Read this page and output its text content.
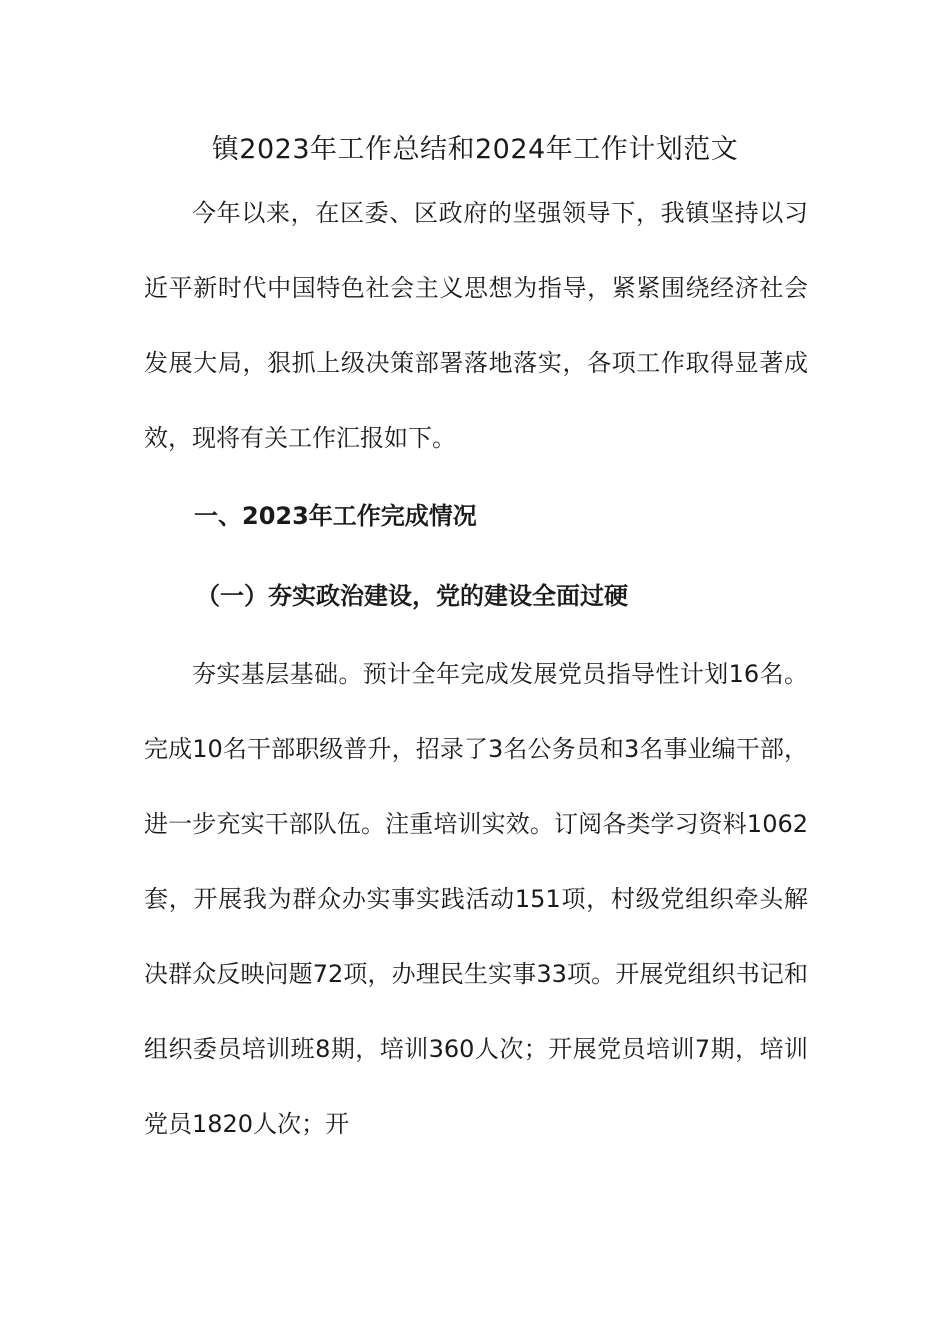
镇2023年工作总结和2024年工作计划范文

今年以来，在区委、区政府的坚强领导下，我镇坚持以习近平新时代中国特色社会主义思想为指导，紧紧围绕经济社会发展大局，狠抓上级决策部署落地落实，各项工作取得显著成效，现将有关工作汇报如下。

一、2023年工作完成情况
（一）夯实政治建设，党的建设全面过硬

夯实基层基础。预计全年完成发展党员指导性计划16名。完成10名干部职级普升，招录了3名公务员和3名事业编干部，进一步充实干部队伍。注重培训实效。订阅各类学习资料1062套，开展我为群众办实事实践活动151项，村级党组织牵头解决群众反映问题72项，办理民生实事33项。开展党组织书记和组织委员培训班8期，培训360人次；开展党员培训7期，培训党员1820人次；开
